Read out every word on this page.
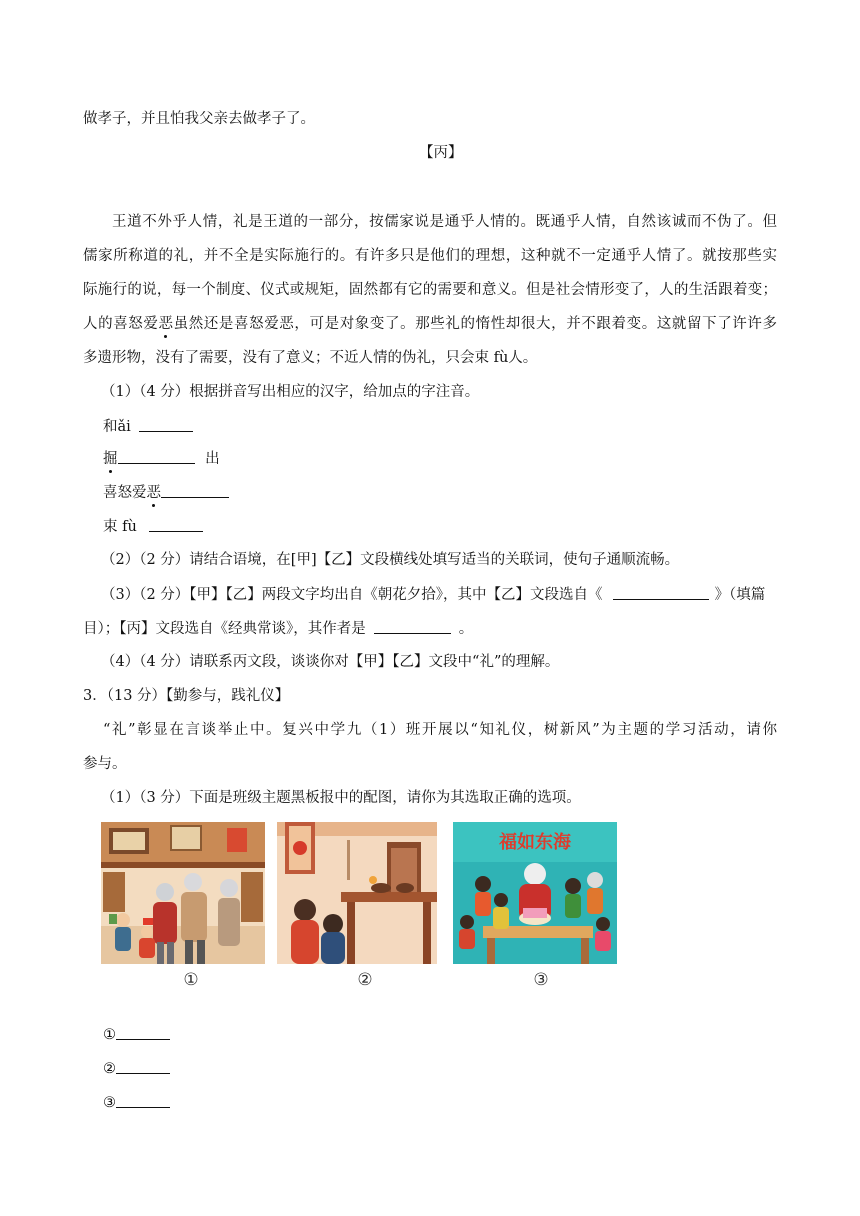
做孝子，并且怕我父亲去做孝子了。
【丙】
王道不外乎人情，礼是王道的一部分，按儒家说是通乎人情的。既通乎人情，自然该诚而不伪了。但
儒家所称道的礼，并不全是实际施行的。有许多只是他们的理想，这种就不一定通乎人情了。就按那些实
际施行的说，每一个制度、仪式或规矩，固然都有它的需要和意义。但是社会情形变了，人的生活跟着变；
人的喜怒爱恶虽然还是喜怒爱恶，可是对象变了。那些礼的惰性却很大，并不跟着变。这就留下了许许多
多遗形物，没有了需要，没有了意义；不近人情的伪礼，只会束 fù人。
（1）（4 分）根据拼音写出相应的汉字，给加点的字注音。
和ǎi
掘	出
喜怒爱恶
束 fù
（2）（2 分）请结合语境，在[甲]【乙】文段横线处填写适当的关联词，使句子通顺流畅。
（3）（2 分）【甲】【乙】两段文字均出自《朝花夕拾》，其中【乙】文段选自《	》（填篇
目）；【丙】文段选自《经典常谈》，其作者是	。
（4）（4 分）请联系丙文段，谈谈你对【甲】【乙】文段中“礼”的理解。
3．（13 分）【勤参与，践礼仪】
“礼”彰显在言谈举止中。复兴中学九（1）班开展以“知礼仪，树新风”为主题的学习活动，请你
参与。
（1）（3 分）下面是班级主题黑板报中的配图，请你为其选取正确的选项。
①	②
福如东海
③
①
②
③
